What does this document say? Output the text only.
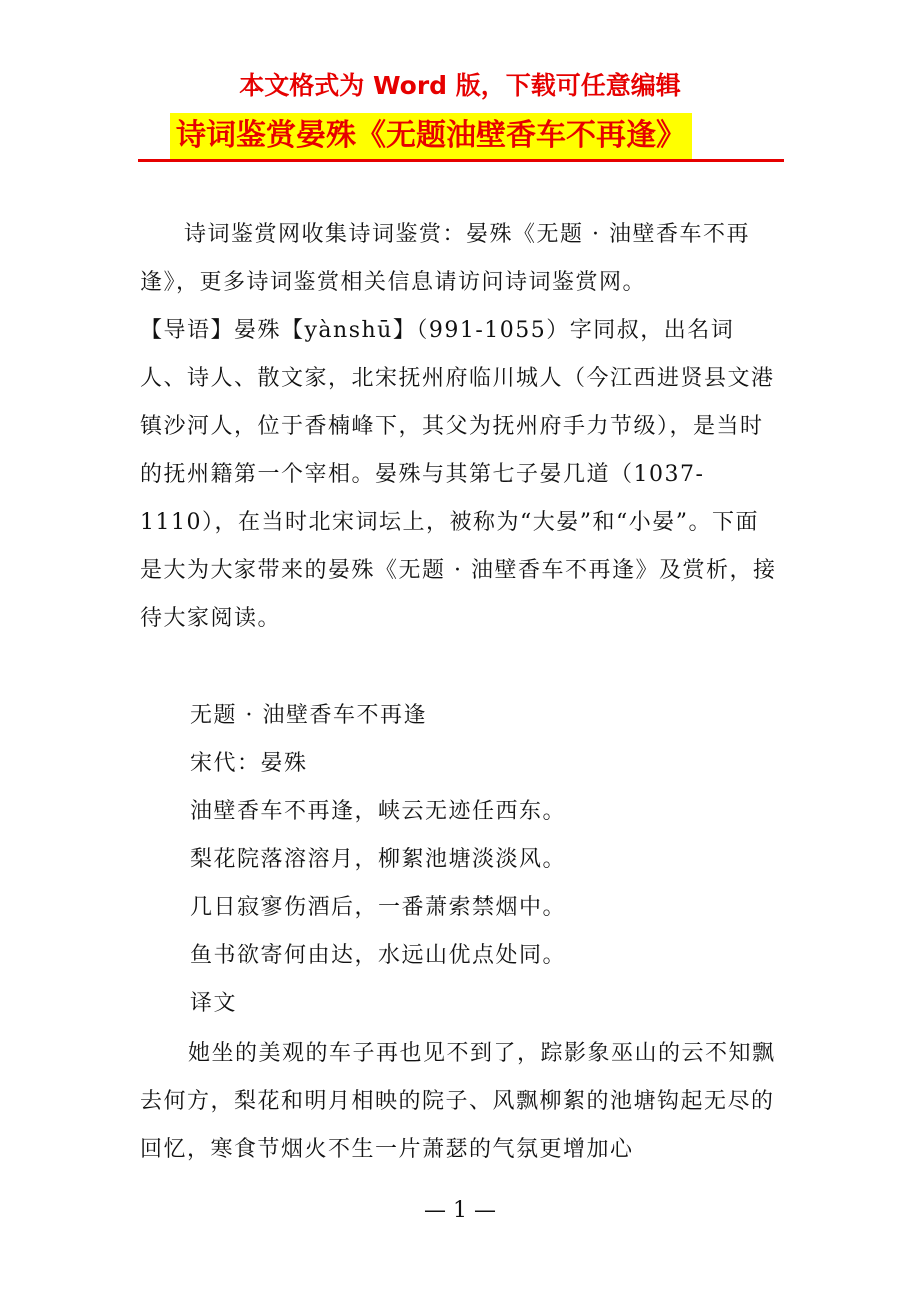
本文格式为 Word 版，下载可任意编辑
诗词鉴赏晏殊《无题油壁香车不再逢》

诗词鉴赏网收集诗词鉴赏：晏殊《无题 · 油壁香车不再逢》，更多诗词鉴赏相关信息请访问诗词鉴赏网。

【导语】晏殊【yànshū】（991-1055）字同叔，出名词人、诗人、散文家，北宋抚州府临川城人（今江西进贤县文港镇沙河人，位于香楠峰下，其父为抚州府手力节级），是当时的抚州籍第一个宰相。晏殊与其第七子晏几道（1037-1110），在当时北宋词坛上，被称为“大晏”和“小晏”。下面是大为大家带来的晏殊《无题 · 油壁香车不再逢》及赏析，接待大家阅读。

无题 · 油壁香车不再逢
宋代：晏殊
油壁香车不再逢，峡云无迹任西东。
梨花院落溶溶月，柳絮池塘淡淡风。
几日寂寥伤酒后，一番萧索禁烟中。
鱼书欲寄何由达，水远山优点处同。
译文

她坐的美观的车子再也见不到了，踪影象巫山的云不知飘去何方，梨花和明月相映的院子、风飘柳絮的池塘钩起无尽的回忆，寒食节烟火不生一片萧瑟的气氛更增加心

— 1 —
